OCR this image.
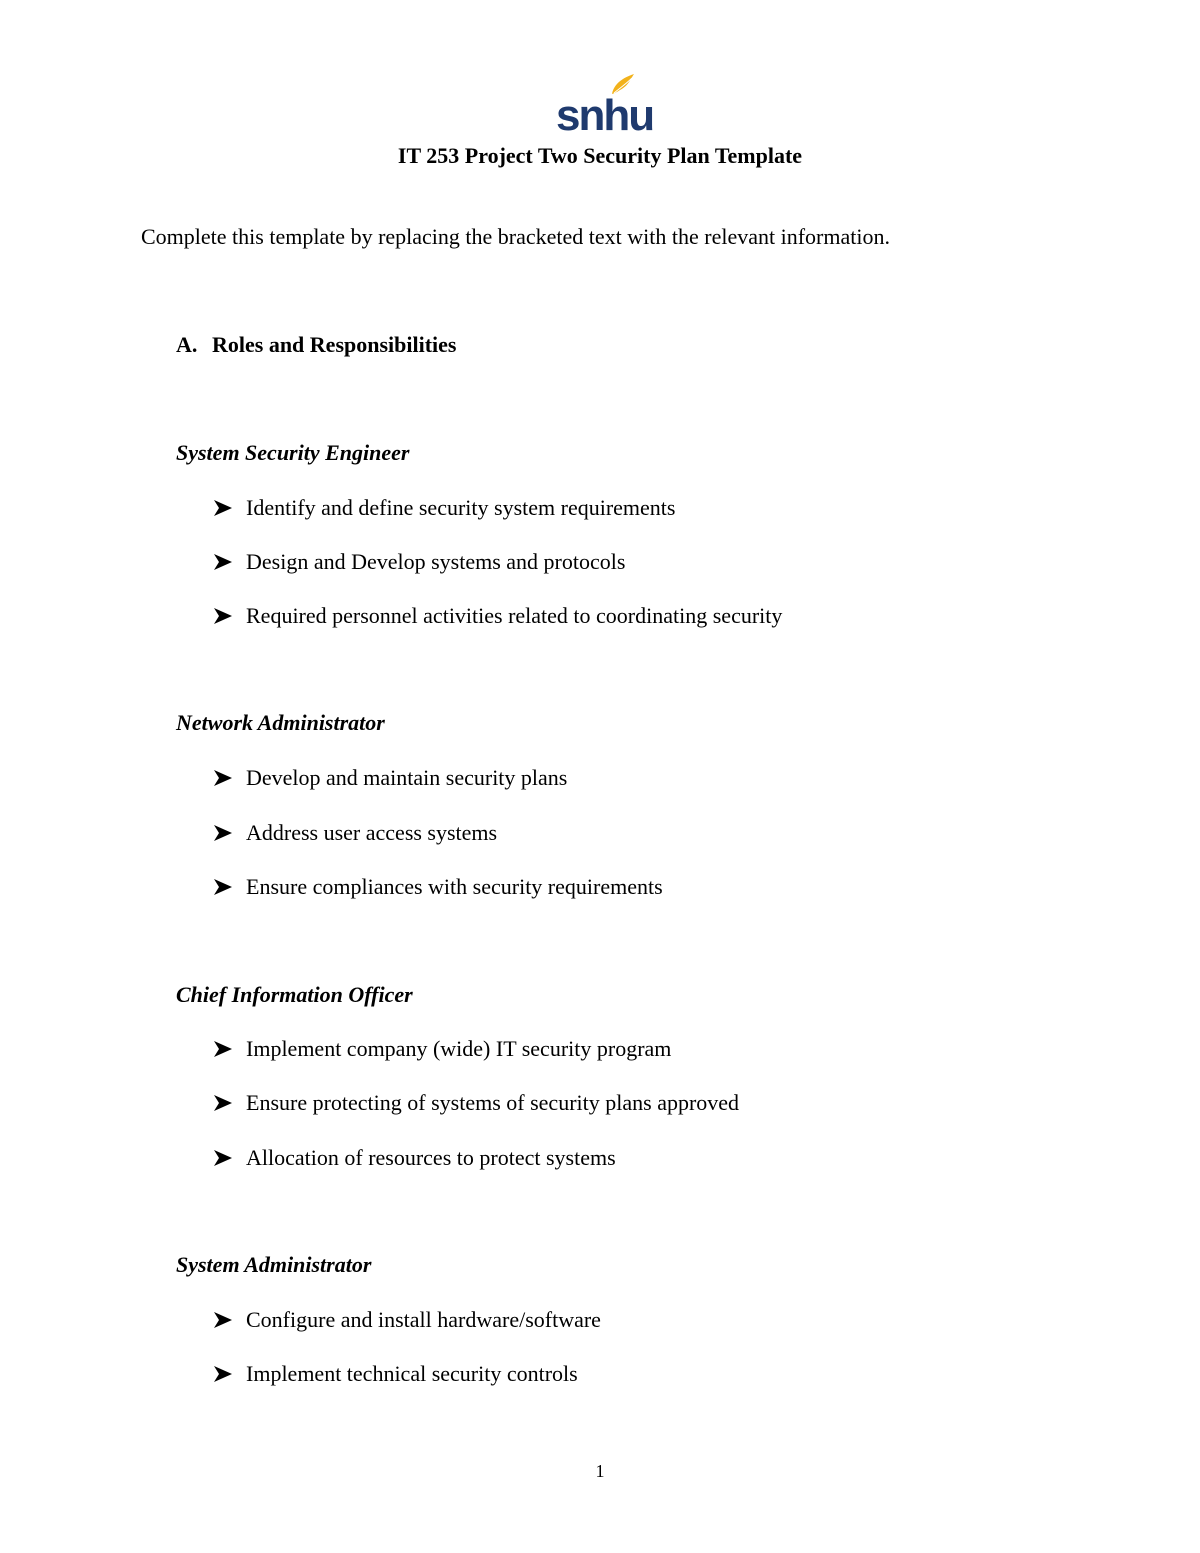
snhu
IT 253 Project Two Security Plan Template
Complete this template by replacing the bracketed text with the relevant information.
A. Roles and Responsibilities
System Security Engineer
Identify and define security system requirements
Design and Develop systems and protocols
Required personnel activities related to coordinating security
Network Administrator
Develop and maintain security plans
Address user access systems
Ensure compliances with security requirements
Chief Information Officer
Implement company (wide) IT security program
Ensure protecting of systems of security plans approved
Allocation of resources to protect systems
System Administrator
Configure and install hardware/software
Implement technical security controls
1
